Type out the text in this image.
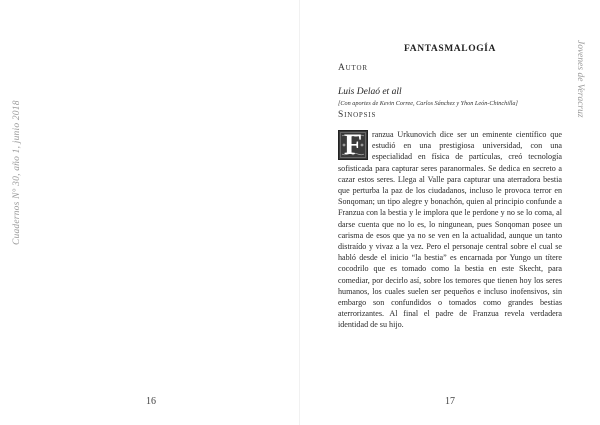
Cuadernos N° 30, año 1, junio 2018
Jovenes de Veracruz
16	17

FANTASMALOGÍA

Autor

Luis Delaó et all

[Con aportes de Kevin Corree, Carlos Sánchez y Yhon León-Chinchilla]

Sinopsis

F	ranzua Urkunovich dice ser un eminente científico que estudió en una prestigiosa universidad, con una especialidad en física de partículas, creó tecnología sofisticada para capturar seres paranormales. Se dedica en secreto a cazar estos seres. Llega al Valle para capturar una aterradora bestia que perturba la paz de los ciudadanos, incluso le provoca terror en Sonqoman; un tipo alegre y bonachón, quien al principio confunde a Franzua con la bestia y le implora que le perdone y no se lo coma, al darse cuenta que no lo es, lo ningunean, pues Sonqoman posee un carisma de esos que ya no se ven en la actualidad, aunque un tanto distraído y vivaz a la vez. Pero el personaje central sobre el cual se habló desde el inicio “la bestia” es encarnada por Yungo un títere cocodrilo que es tomado como la bestia en este Skecht, para comediar, por decirlo así, sobre los temores que tienen hoy los seres humanos, los cuales suelen ser pequeños e incluso inofensivos, sin embargo son confundidos o tomados como grandes bestias aterrorizantes. Al final el padre de Franzua revela verdadera identidad de su hijo.
